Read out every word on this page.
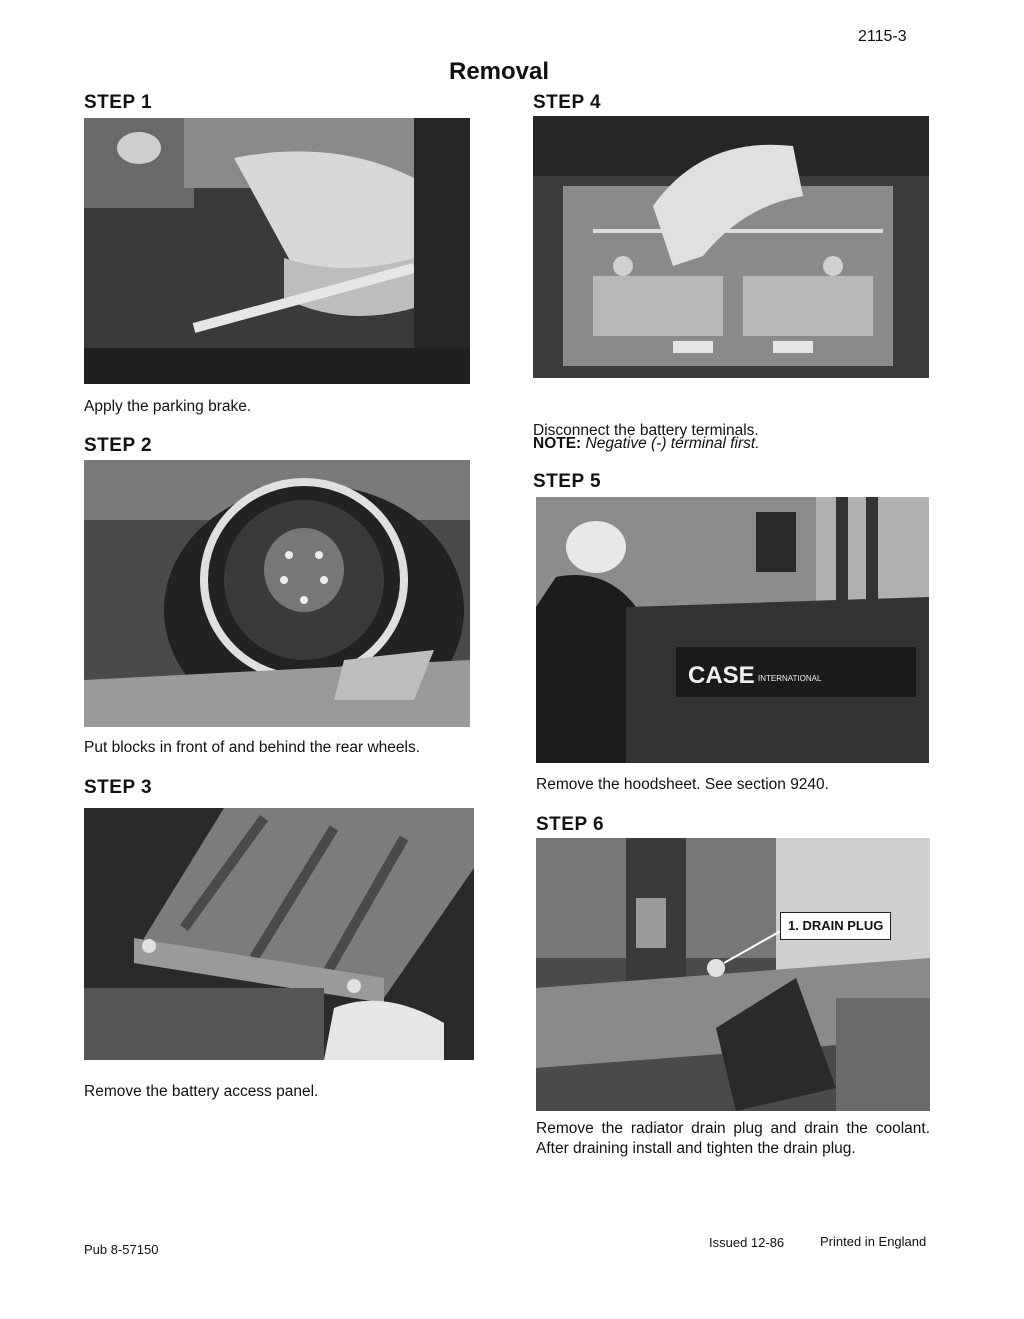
2115-3
Removal
STEP 1
Apply the parking brake.
STEP 2
Put blocks in front of and behind the rear wheels.
STEP 3
Remove the battery access panel.
STEP 4
Disconnect the battery terminals.
NOTE: Negative (-) terminal first.
STEP 5
CASE INTERNATIONAL
Remove the hoodsheet. See section 9240.
STEP 6
1. DRAIN PLUG
Remove the radiator drain plug and drain the coolant. After draining install and tighten the drain plug.
Pub 8-57150	Issued 12-86	Printed in England
